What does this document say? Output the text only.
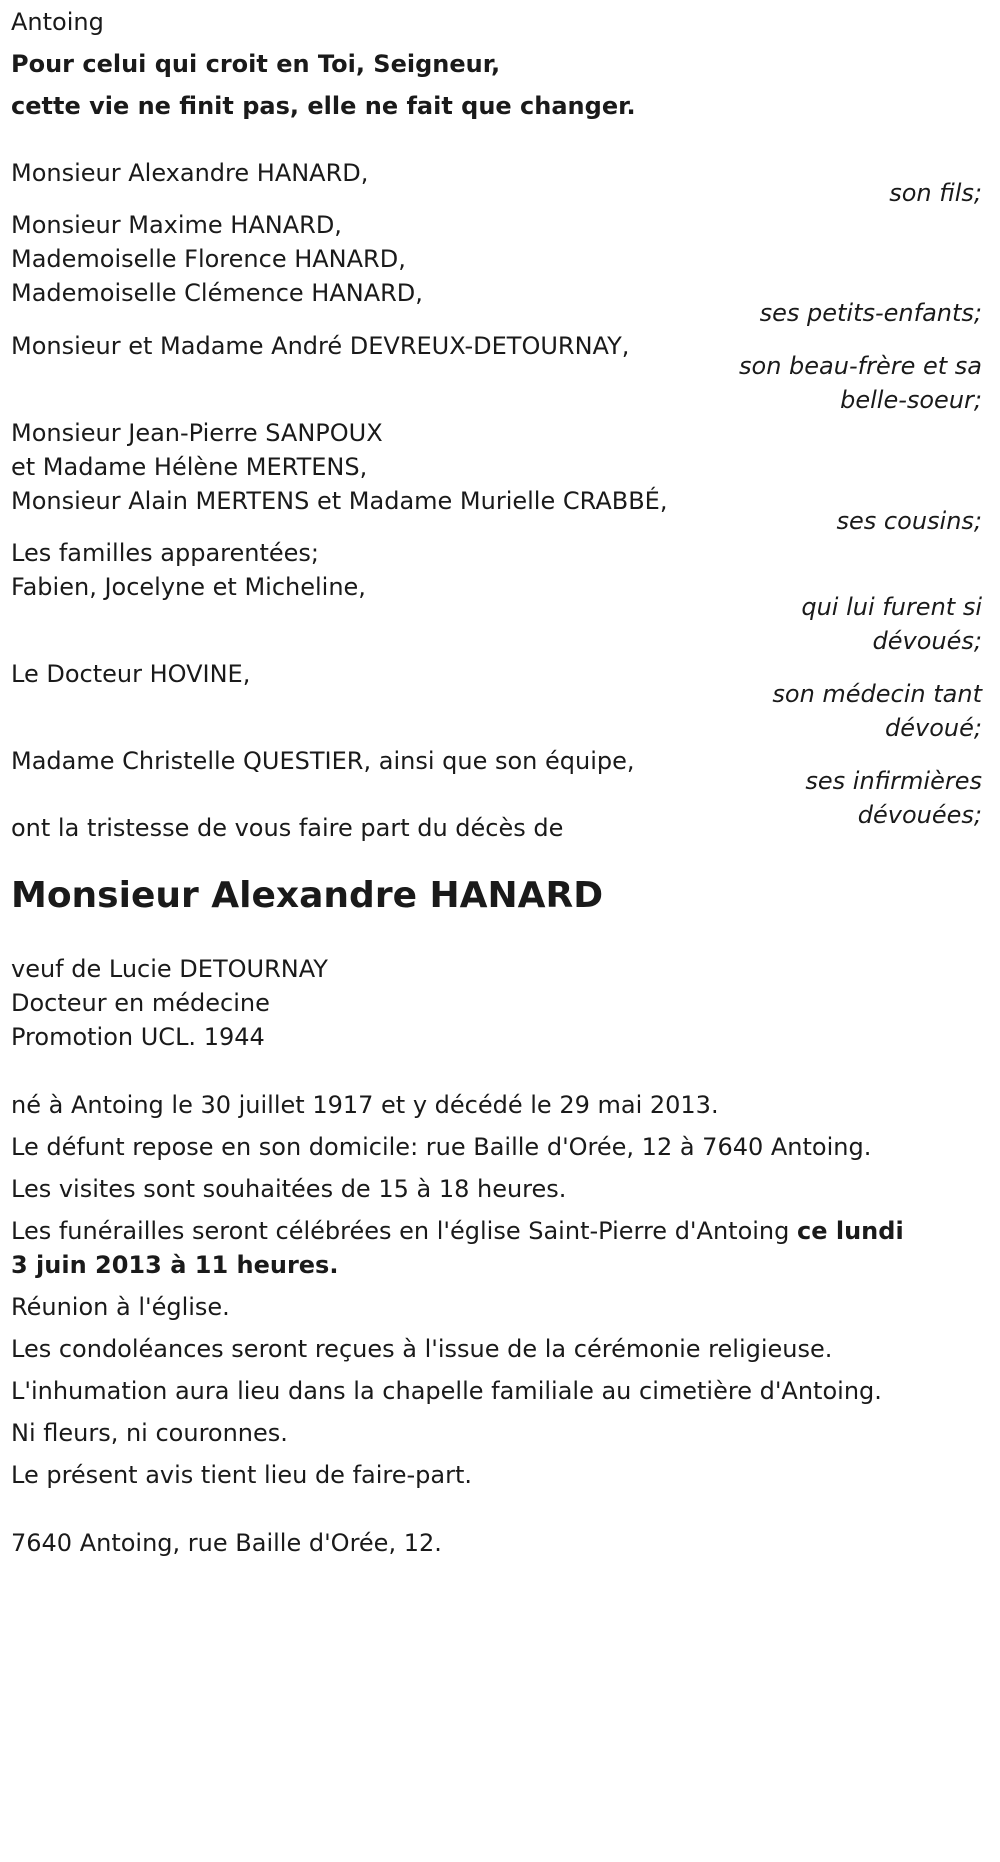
Antoing
Pour celui qui croit en Toi, Seigneur,
cette vie ne finit pas, elle ne fait que changer.
Monsieur Alexandre HANARD,
son fils;
Monsieur Maxime HANARD,
Mademoiselle Florence HANARD,
Mademoiselle Clémence HANARD,
ses petits-enfants;
Monsieur et Madame André DEVREUX-DETOURNAY,
son beau-frère et sa
belle-soeur;
Monsieur Jean-Pierre SANPOUX
et Madame Hélène MERTENS,
Monsieur Alain MERTENS et Madame Murielle CRABBÉ,
ses cousins;
Les familles apparentées;
Fabien, Jocelyne et Micheline,
qui lui furent si
dévoués;
Le Docteur HOVINE,
son médecin tant
dévoué;
Madame Christelle QUESTIER, ainsi que son équipe,
ses infirmières
dévouées;
ont la tristesse de vous faire part du décès de
Monsieur Alexandre HANARD
veuf de Lucie DETOURNAY
Docteur en médecine
Promotion UCL. 1944
né à Antoing le 30 juillet 1917 et y décédé le 29 mai 2013.
Le défunt repose en son domicile: rue Baille d'Orée, 12 à 7640 Antoing.
Les visites sont souhaitées de 15 à 18 heures.
Les funérailles seront célébrées en l'église Saint-Pierre d'Antoing ce lundi
3 juin 2013 à 11 heures.
Réunion à l'église.
Les condoléances seront reçues à l'issue de la cérémonie religieuse.
L'inhumation aura lieu dans la chapelle familiale au cimetière d'Antoing.
Ni fleurs, ni couronnes.
Le présent avis tient lieu de faire-part.
7640 Antoing, rue Baille d'Orée, 12.
